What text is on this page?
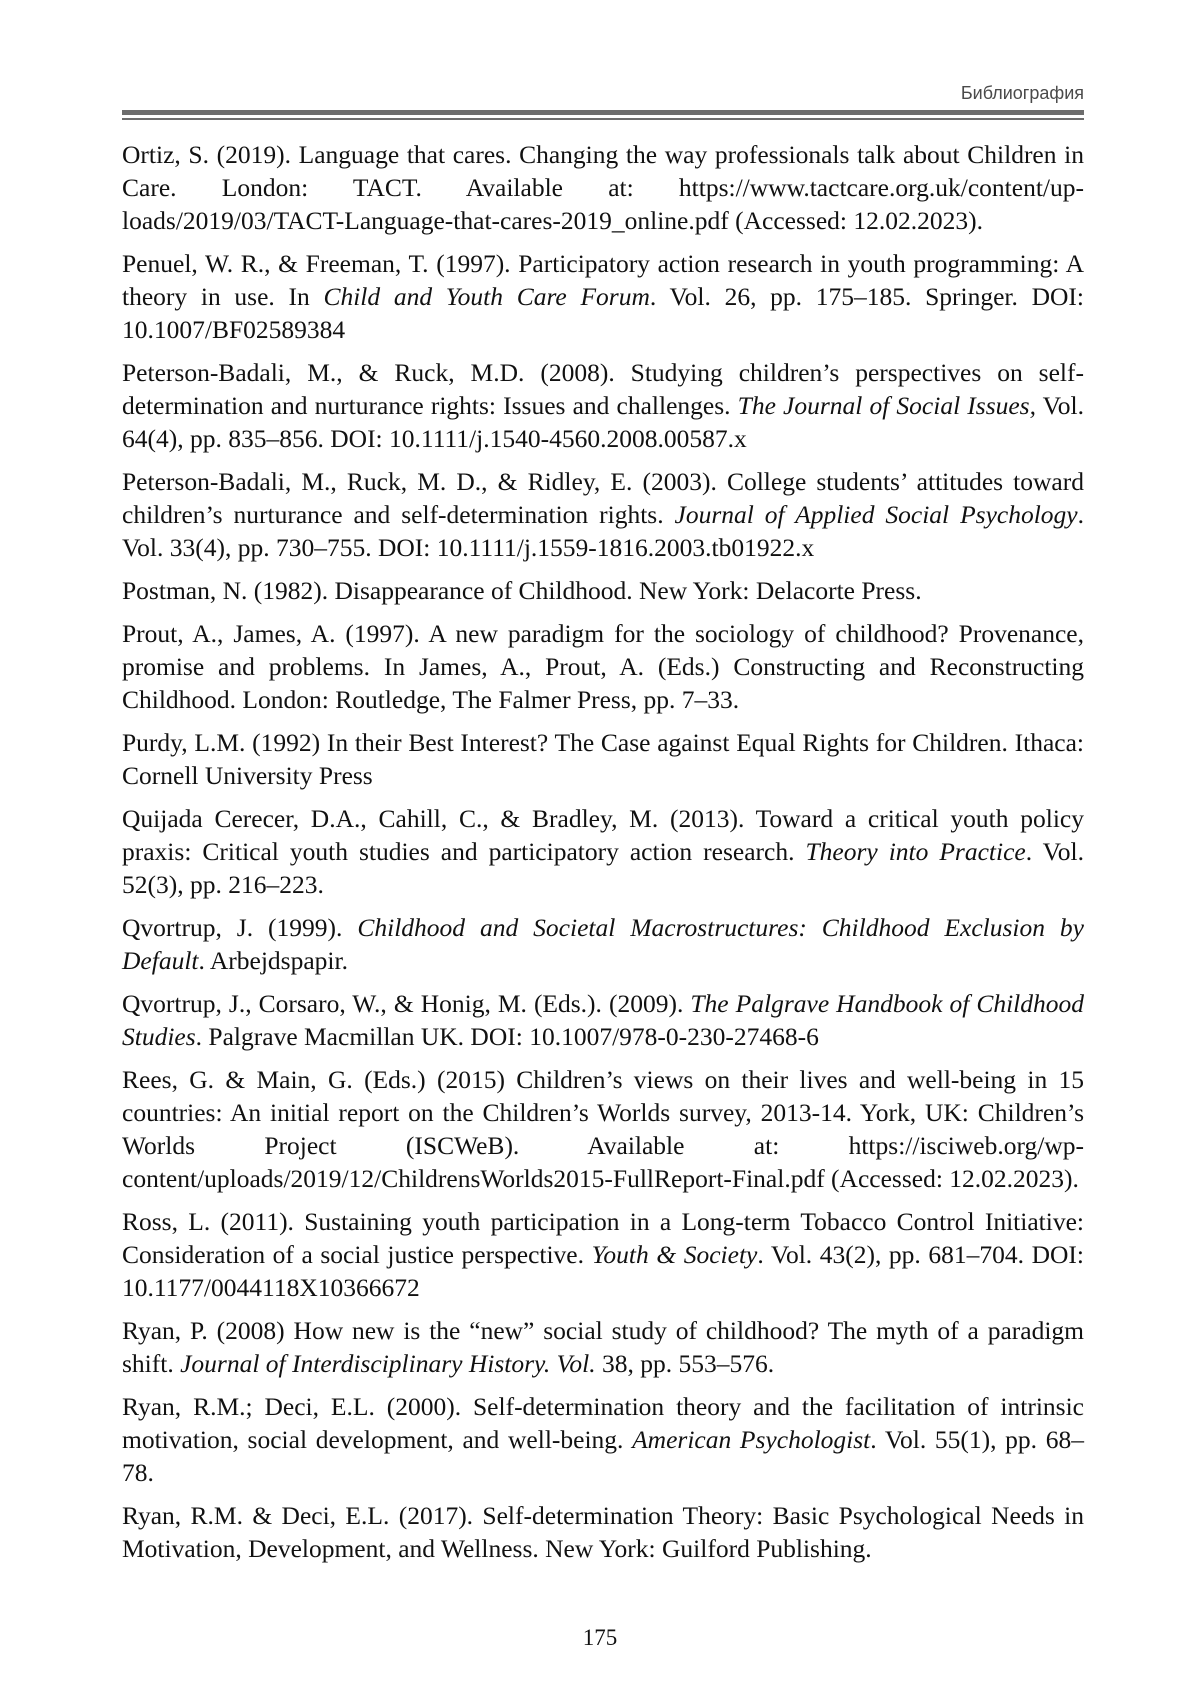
Библиография

Ortiz, S. (2019). Language that cares. Changing the way professionals talk about Children in Care. London: TACT. Available at: https://www.tactcare.org.uk/content/uploads/2019/03/TACT-Language-that-cares-2019_online.pdf (Accessed: 12.02.2023).

Penuel, W. R., & Freeman, T. (1997). Participatory action research in youth programming: A theory in use. In Child and Youth Care Forum. Vol. 26, pp. 175–185. Springer. DOI: 10.1007/BF02589384

Peterson-Badali, M., & Ruck, M.D. (2008). Studying children’s perspectives on self-determination and nurturance rights: Issues and challenges. The Journal of Social Issues, Vol. 64(4), pp. 835–856. DOI: 10.1111/j.1540-4560.2008.00587.x

Peterson-Badali, M., Ruck, M. D., & Ridley, E. (2003). College students’ attitudes toward children’s nurturance and self-determination rights. Journal of Applied Social Psychology. Vol. 33(4), pp. 730–755. DOI: 10.1111/j.1559-1816.2003.tb01922.x

Postman, N. (1982). Disappearance of Childhood. New York: Delacorte Press.

Prout, A., James, A. (1997). A new paradigm for the sociology of childhood? Provenance, promise and problems. In James, A., Prout, A. (Eds.) Constructing and Reconstructing Childhood. London: Routledge, The Falmer Press, pp. 7–33.

Purdy, L.M. (1992) In their Best Interest? The Case against Equal Rights for Children. Ithaca: Cornell University Press

Quijada Cerecer, D.A., Cahill, C., & Bradley, M. (2013). Toward a critical youth policy praxis: Critical youth studies and participatory action research. Theory into Practice. Vol. 52(3), pp. 216–223.

Qvortrup, J. (1999). Childhood and Societal Macrostructures: Childhood Exclusion by Default. Arbejdspapir.

Qvortrup, J., Corsaro, W., & Honig, M. (Eds.). (2009). The Palgrave Handbook of Childhood Studies. Palgrave Macmillan UK. DOI: 10.1007/978-0-230-27468-6

Rees, G. & Main, G. (Eds.) (2015) Children’s views on their lives and well-being in 15 countries: An initial report on the Children’s Worlds survey, 2013-14. York, UK: Children’s Worlds Project (ISCWeB). Available at: https://isciweb.​org/wp-content/uploads/2019/12/ChildrensWorlds2015-FullReport-Final.pdf (Accessed: 12.02.2023).

Ross, L. (2011). Sustaining youth participation in a Long-term Tobacco Control Initiative: Consideration of a social justice perspective. Youth & Society. Vol. 43(2), pp. 681–704. DOI: 10.1177/0044118X10366672

Ryan, P. (2008) How new is the “new” social study of childhood? The myth of a paradigm shift. Journal of Interdisciplinary History. Vol. 38, pp. 553–576.

Ryan, R.M.; Deci, E.L. (2000). Self-determination theory and the facilitation of intrinsic motivation, social development, and well-being. American Psychologist. Vol. 55(1), pp. 68–78.

Ryan, R.M. & Deci, E.L. (2017). Self-determination Theory: Basic Psychological Needs in Motivation, Development, and Wellness. New York: Guilford Publishing.

175
